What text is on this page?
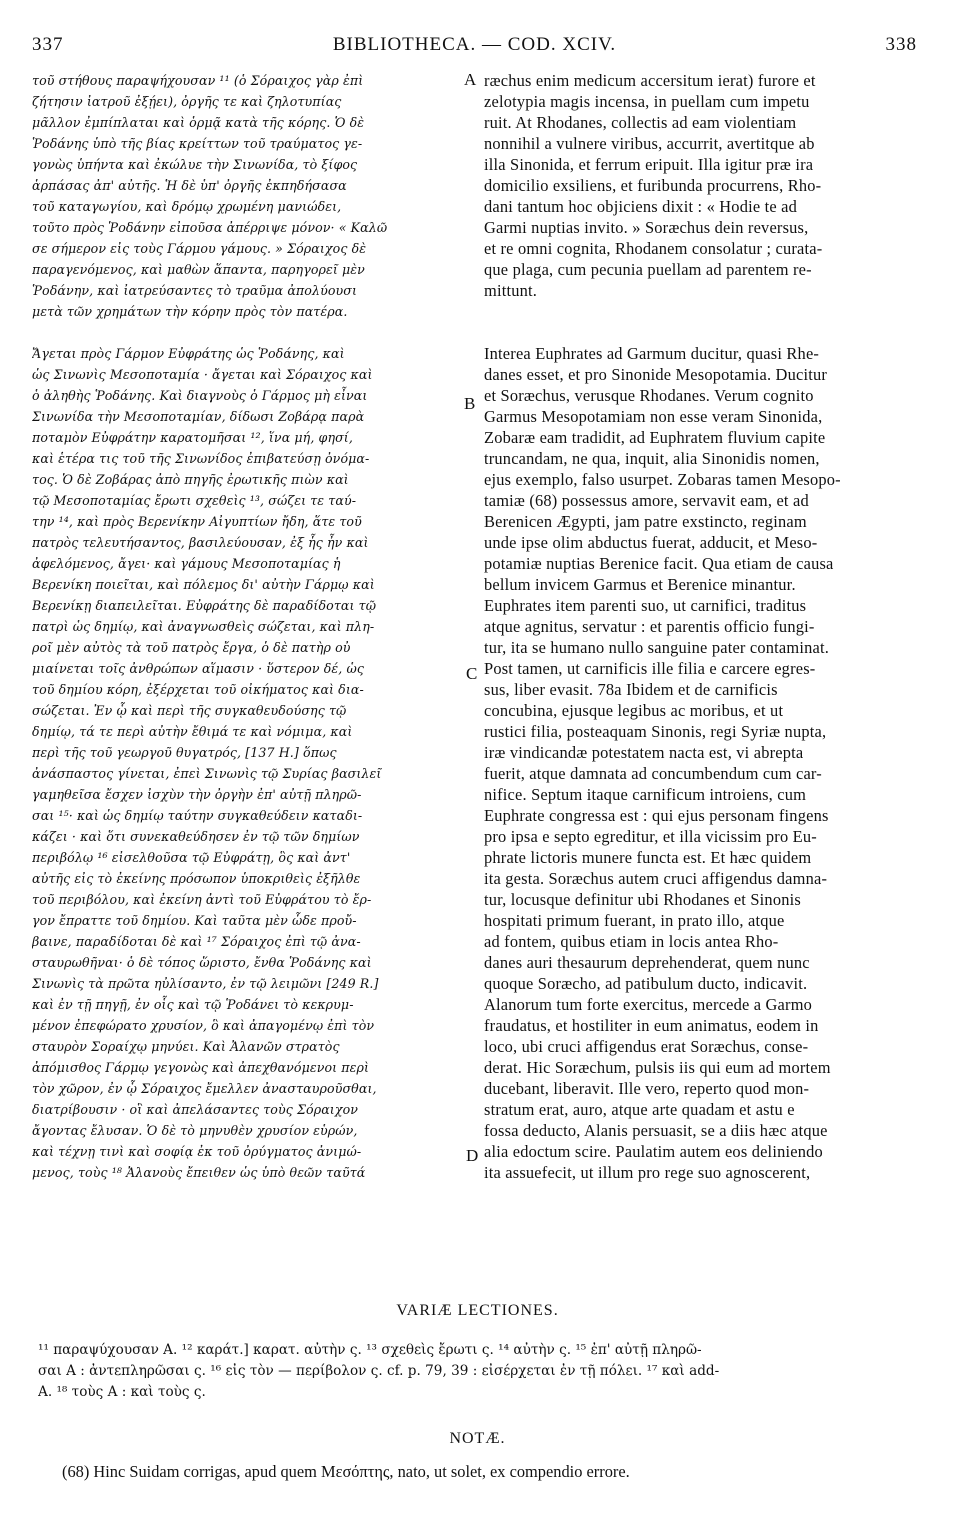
337	BIBLIOTHECA. — COD. XCIV.	338
τοῦ στήθους παραψήχουσαν ¹¹ (ὁ Σόραιχος γὰρ ἐπὶ
ζήτησιν ἰατροῦ ἐξῄει), ὀργῆς τε καὶ ζηλοτυπίας
μᾶλλον ἐμπίπλαται καὶ ὁρμᾷ κατὰ τῆς κόρης. Ὁ δὲ
Ῥοδάνης ὑπὸ τῆς βίας κρείττων τοῦ τραύματος γε-
γονὼς ὑπήντα καὶ ἐκώλυε τὴν Σινωνίδα, τὸ ξίφος
ἁρπάσας ἀπ' αὐτῆς. Ἡ δὲ ὑπ' ὀργῆς ἐκπηδήσασα
τοῦ καταγωγίου, καὶ δρόμῳ χρωμένη μανιώδει,
τοῦτο πρὸς Ῥοδάνην εἰποῦσα ἀπέρριψε μόνον· « Καλῶ
σε σήμερον εἰς τοὺς Γάρμου γάμους. » Σόραιχος δὲ
παραγενόμενος, καὶ μαθὼν ἅπαντα, παρηγορεῖ μὲν
Ῥοδάνην, καὶ ἰατρεύσαντες τὸ τραῦμα ἀπολύουσι
μετὰ τῶν χρημάτων τὴν κόρην πρὸς τὸν πατέρα.
Ἄγεται πρὸς Γάρμον Εὐφράτης ὡς Ῥοδάνης, καὶ
ὡς Σινωνὶς Μεσοποταμία · ἄγεται καὶ Σόραιχος καὶ
ὁ ἀληθὴς Ῥοδάνης. Καὶ διαγνοὺς ὁ Γάρμος μὴ εἶναι
Σινωνίδα τὴν Μεσοποταμίαν, δίδωσι Ζοβάρᾳ παρὰ
ποταμὸν Εὐφράτην καρατομῆσαι ¹², ἵνα μή, φησί,
καὶ ἑτέρα τις τοῦ τῆς Σινωνίδος ἐπιβατεύσῃ ὀνόμα-
τος. Ὁ δὲ Ζοβάρας ἀπὸ πηγῆς ἐρωτικῆς πιὼν καὶ
τῷ Μεσοποταμίας ἔρωτι σχεθεὶς ¹³, σώζει τε ταύ-
την ¹⁴, καὶ πρὸς Βερενίκην Αἰγυπτίων ἤδη, ἅτε τοῦ
πατρὸς τελευτήσαντος, βασιλεύουσαν, ἐξ ἧς ἦν καὶ
ἀφελόμενος, ἄγει· καὶ γάμους Μεσοποταμίας ἡ
Βερενίκη ποιεῖται, καὶ πόλεμος δι' αὐτὴν Γάρμῳ καὶ
Βερενίκῃ διαπειλεῖται. Εὐφράτης δὲ παραδίδοται τῷ
πατρὶ ὡς δημίῳ, καὶ ἀναγνωσθεὶς σώζεται, καὶ πλη-
ροῖ μὲν αὐτὸς τὰ τοῦ πατρὸς ἔργα, ὁ δὲ πατὴρ οὐ
μιαίνεται τοῖς ἀνθρώπων αἵμασιν · ὕστερον δέ, ὡς
τοῦ δημίου κόρη, ἐξέρχεται τοῦ οἰκήματος καὶ δια-
σώζεται. Ἐν ᾧ καὶ περὶ τῆς συγκαθευδούσης τῷ
δημίῳ, τά τε περὶ αὐτὴν ἔθιμά τε καὶ νόμιμα, καὶ
περὶ τῆς τοῦ γεωργοῦ θυγατρός, [137 H.] ὅπως
ἀνάσπαστος γίνεται, ἐπεὶ Σινωνὶς τῷ Συρίας βασιλεῖ
γαμηθεῖσα ἔσχεν ἰσχὺν τὴν ὀργὴν ἐπ' αὐτῇ πληρῶ-
σαι ¹⁵· καὶ ὡς δημίῳ ταύτην συγκαθεύδειν καταδι-
κάζει · καὶ ὅτι συνεκαθεύδησεν ἐν τῷ τῶν δημίων
περιβόλῳ ¹⁶ εἰσελθοῦσα τῷ Εὐφράτῃ, ὃς καὶ ἀντ'
αὐτῆς εἰς τὸ ἐκείνης πρόσωπον ὑποκριθεὶς ἐξῆλθε
τοῦ περιβόλου, καὶ ἐκείνη ἀντὶ τοῦ Εὐφράτου τὸ ἔρ-
γον ἔπραττε τοῦ δημίου. Καὶ ταῦτα μὲν ὧδε προὔ-
βαινε, παραδίδοται δὲ καὶ ¹⁷ Σόραιχος ἐπὶ τῷ ἀνα-
σταυρωθῆναι· ὁ δὲ τόπος ὥριστο, ἔνθα Ῥοδάνης καὶ
Σινωνὶς τὰ πρῶτα ηὐλίσαντο, ἐν τῷ λειμῶνι [249 R.]
καὶ ἐν τῇ πηγῇ, ἐν οἷς καὶ τῷ Ῥοδάνει τὸ κεκρυμ-
μένον ἐπεφώρατο χρυσίον, ὃ καὶ ἀπαγομένῳ ἐπὶ τὸν
σταυρὸν Σοραίχῳ μηνύει. Καὶ Ἀλανῶν στρατὸς
ἀπόμισθος Γάρμῳ γεγονὼς καὶ ἀπεχθανόμενοι περὶ
τὸν χῶρον, ἐν ᾧ Σόραιχος ἔμελλεν ἀνασταυροῦσθαι,
διατρίβουσιν · οἳ καὶ ἀπελάσαντες τοὺς Σόραιχον
ἄγοντας ἔλυσαν. Ὁ δὲ τὸ μηνυθὲν χρυσίον εὑρών,
καὶ τέχνῃ τινὶ καὶ σοφίᾳ ἐκ τοῦ ὀρύγματος ἀνιμώ-
μενος, τοὺς ¹⁸ Ἀλανοὺς ἔπειθεν ὡς ὑπὸ θεῶν ταῦτά
ræchus enim medicum accersitum ierat) furore et
zelotypia magis incensa, in puellam cum impetu
ruit. At Rhodanes, collectis ad eam violentiam
nonnihil a vulnere viribus, accurrit, avertitque ab
illa Sinonida, et ferrum eripuit. Illa igitur præ ira
domicilio exsiliens, et furibunda procurrens, Rho-
dani tantum hoc objiciens dixit : « Hodie te ad
Garmi nuptias invito. » Soræchus dein reversus,
et re omni cognita, Rhodanem consolatur ; curata-
que plaga, cum pecunia puellam ad parentem re-
mittunt.
Interea Euphrates ad Garmum ducitur, quasi Rhe-
danes esset, et pro Sinonide Mesopotamia. Ducitur
et Soræchus, verusque Rhodanes. Verum cognito
Garmus Mesopotamiam non esse veram Sinonida,
Zobaræ eam tradidit, ad Euphratem fluvium capite
truncandam, ne qua, inquit, alia Sinonidis nomen,
ejus exemplo, falso usurpet. Zobaras tamen Mesopo-
tamiæ (68) possessus amore, servavit eam, et ad
Berenicen Ægypti, jam patre exstincto, reginam
unde ipse olim abductus fuerat, adducit, et Meso-
potamiæ nuptias Berenice facit. Qua etiam de causa
bellum invicem Garmus et Berenice minantur.
Euphrates item parenti suo, ut carnifici, traditus
atque agnitus, servatur : et parentis officio fungi-
tur, ita se humano nullo sanguine pater contaminat.
Post tamen, ut carnificis ille filia e carcere egres-
sus, liber evasit. 78a Ibidem et de carnificis
concubina, ejusque legibus ac moribus, et ut
rustici filia, posteaquam Sinonis, regi Syriæ nupta,
iræ vindicandæ potestatem nacta est, vi abrepta
fuerit, atque damnata ad concumbendum cum car-
nifice. Septum itaque carnificum introiens, cum
Euphrate congressa est : qui ejus personam fingens
pro ipsa e septo egreditur, et illa vicissim pro Eu-
phrate lictoris munere functa est. Et hæc quidem
ita gesta. Soræchus autem cruci affigendus damna-
tur, locusque definitur ubi Rhodanes et Sinonis
hospitati primum fuerant, in prato illo, atque
ad fontem, quibus etiam in locis antea Rho-
danes auri thesaurum deprehenderat, quem nunc
quoque Soræcho, ad patibulum ducto, indicavit.
Alanorum tum forte exercitus, mercede a Garmo
fraudatus, et hostiliter in eum animatus, eodem in
loco, ubi cruci affigendus erat Soræchus, conse-
derat. Hic Soræchum, pulsis iis qui eum ad mortem
ducebant, liberavit. Ille vero, reperto quod mon-
stratum erat, auro, atque arte quadam et astu e
fossa deducto, Alanis persuasit, se a diis hæc atque
alia edoctum scire. Paulatim autem eos deliniendo
ita assuefecit, ut illum pro rege suo agnoscerent,
A
B
C
D
VARIÆ LECTIONES.
¹¹ παραψύχουσαν A. ¹² καράτ.] καρατ. αὐτὴν ς. ¹³ σχεθεὶς ἔρωτι ς. ¹⁴ αὐτὴν ς. ¹⁵ ἐπ' αὐτῇ πληρῶ-
σαι A : ἀντεπληρῶσαι ς. ¹⁶ εἰς τὸν — περίβολον ς. cf. p. 79, 39 : εἰσέρχεται ἐν τῇ πόλει. ¹⁷ καὶ add-
A. ¹⁸ τοὺς A : καὶ τοὺς ς.
NOTÆ.
(68) Hinc Suidam corrigas, apud quem Μεσόπτης, nato, ut solet, ex compendio errore.
